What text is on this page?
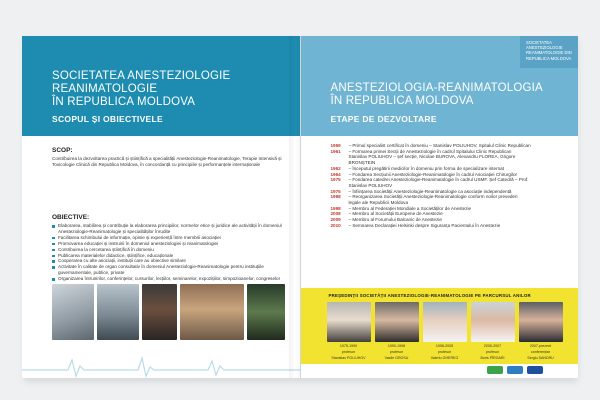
SOCIETATEA ANESTEZIOLOGIE
REANIMATOLOGIE
ÎN REPUBLICA MOLDOVA
SCOPUL ȘI OBIECTIVELE
SCOP:
Contribuirea la dezvoltarea practică și științifică a specialității Anesteziologie-Reanimatologie, Terapie Intensivă și Toxicologie Clinică din Republica Moldova, în concordanță cu principiile și performanțele internaționale
OBIECTIVE:
Elaborarea, stabilirea și contribuție la elaborarea principiilor, normelor etice și juridice ale activității în domeniul Anesteziologie-Reanimatologie și specialităților înrudite
Facilitarea schimbului de informație, opinie și experiență între membrii asociației
Promovarea educației și instruirii în domeniul anesteziologiei și reanimatologiei
Contribuirea la cercetarea științifică în domeniu
Publicarea materialelor didactice, științifice, educaționale
Cooperarea cu alte asociații, instituții care au obiective similare
Activitate în calitate de organ consultativ în domeniul Anesteziologie-Reanimatologie pentru instituțiile guvernamentale, publice, private
Organizarea întrunirilor, conferințelor, cursurilor, lecțiilor, seminarelor, expozițiilor, simpozioanelor, congreselor
SOCIETATEA
ANESTEZIOLOGIE
REANIMATOLOGIE DIN
REPUBLICA MOLDOVA
ANESTEZIOLOGIA-REANIMATOLOGIA
ÎN REPUBLICA MOLDOVA
ETAPE DE DEZVOLTARE
1959	– Primul specialist certificat în domeniu – Stanislav POLIUHOV, Spitalul Clinic Republican
1961	– Formarea primei Secții de Anesteziologie în cadrul Spitalului Clinic Republican
Stanislav POLIUHOV – șef secție, Nicolae BUROVA, Alexandru FLOREA, Grigore
BRONȘTEIN
1962	– Începutul pregătirii medicilor în domeniu prin forma de specializare internat
1964	– Fondarea Secțiunii Anesteziologie-Reanimatologie în cadrul Asociației Chirurgilor
1975	– Fondarea catedrei Anesteziologie-Reanimatologie în cadrul USMF. Șef Catedră – Prof.
Stanislav POLIUHOV
1975	– Înființarea Societății Anesteziologie-Reanimatologie ca asociație independentă
1998	– Reorganizarea Societății Anesteziologie-Reanimatologie conform noilor prevederi
legale ale Republicii Moldova
1998	– Membru al Federației Mondiale a Societăților de Anestezie
2008	– Membru al Societății Europene de Anestezie
2009	– Membru al Forumului Balcanic de Anestezie
2010	– Semnarea Declarației Helsinki despre Siguranța Pacientului în Anestezie
PREȘEDINȚII SOCIETĂȚII ANESTEZIOLOGIE-REANIMATOLOGIE PE PARCURSUL ANILOR
1975-1990
profesor
Stanislav POLIUHOV
1990-1998
profesor
Vasile GROSU
1998-2005
profesor
Valeriu GHEREG
2005-2007
profesor
Boris PÎRGARI
2007-prezent
conferențiar
Sergiu ȘANDRU
